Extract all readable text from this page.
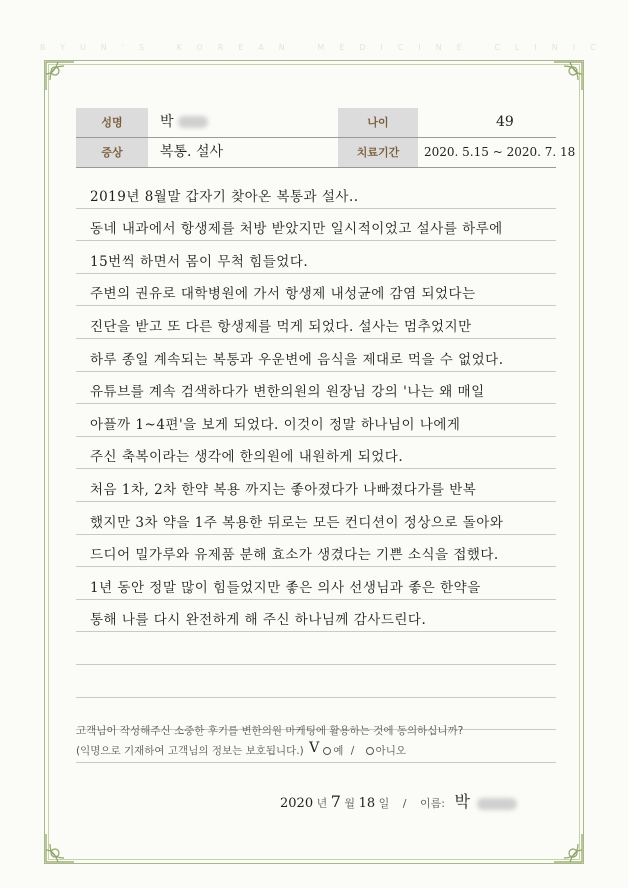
BYUN'S KOREAN MEDICINE CLINIC
성명	박	나이	49
증상	복통. 설사	치료기간	2020. 5.15 ~ 2020. 7. 18
2019년 8월말 갑자기 찾아온 복통과 설사..
동네 내과에서 항생제를 처방 받았지만 일시적이었고 설사를 하루에
15번씩 하면서 몸이 무척 힘들었다.
주변의 권유로 대학병원에 가서 항생제 내성균에 감염 되었다는
진단을 받고 또 다른 항생제를 먹게 되었다. 설사는 멈추었지만
하루 종일 계속되는 복통과 우운변에 음식을 제대로 먹을 수 없었다.
유튜브를 계속 검색하다가 변한의원의 원장님 강의 '나는 왜 매일
아플까 1~4편'을 보게 되었다. 이것이 정말 하나님이 나에게
주신 축복이라는 생각에 한의원에 내원하게 되었다.
처음 1차, 2차 한약 복용 까지는 좋아졌다가 나빠졌다가를 반복
했지만 3차 약을 1주 복용한 뒤로는 모든 컨디션이 정상으로 돌아와
드디어 밀가루와 유제품 분해 효소가 생겼다는 기쁜 소식을 접했다.
1년 동안 정말 많이 힘들었지만 좋은 의사 선생님과 좋은 한약을
통해 나를 다시 완전하게 해 주신 하나님께 감사드린다.
고객님이 작성해주신 소중한 후기를 변한의원 마케팅에 활용하는 것에 동의하십니까?
(익명으로 기재하여 고객님의 정보는 보호됩니다.) V 예 / 아니오
2020 년 7 월 18 일 / 이름: 박
